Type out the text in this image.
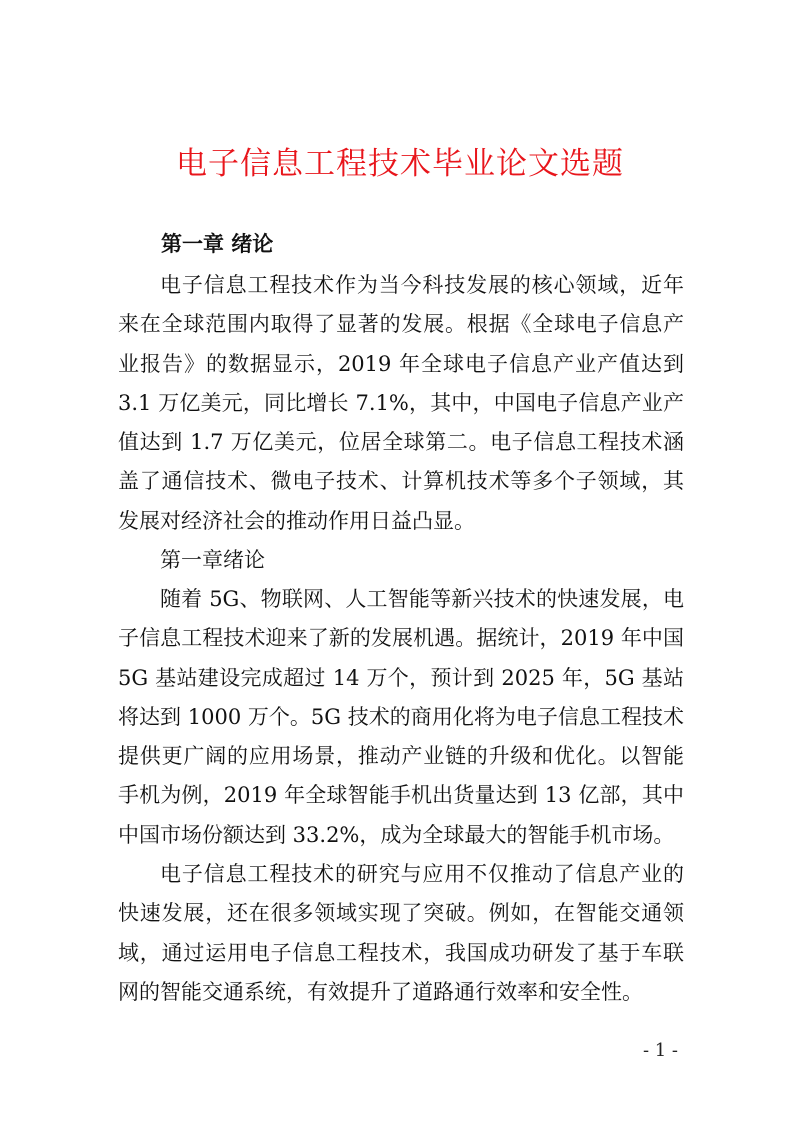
电子信息工程技术毕业论文选题
第一章 绪论

电子信息工程技术作为当今科技发展的核心领域，近年来在全球范围内取得了显著的发展。根据《全球电子信息产业报告》的数据显示，2019 年全球电子信息产业产值达到 3.1 万亿美元，同比增长 7.1%，其中，中国电子信息产业产值达到 1.7 万亿美元，位居全球第二。电子信息工程技术涵盖了通信技术、微电子技术、计算机技术等多个子领域，其发展对经济社会的推动作用日益凸显。

第一章绪论

随着 5G、物联网、人工智能等新兴技术的快速发展，电子信息工程技术迎来了新的发展机遇。据统计，2019 年中国 5G 基站建设完成超过 14 万个，预计到 2025 年，5G 基站将达到 1000 万个。5G 技术的商用化将为电子信息工程技术提供更广阔的应用场景，推动产业链的升级和优化。以智能手机为例，2019 年全球智能手机出货量达到 13 亿部，其中中国市场份额达到 33.2%，成为全球最大的智能手机市场。

电子信息工程技术的研究与应用不仅推动了信息产业的快速发展，还在很多领域实现了突破。例如，在智能交通领域，通过运用电子信息工程技术，我国成功研发了基于车联网的智能交通系统，有效提升了道路通行效率和安全性。

- 1 -
